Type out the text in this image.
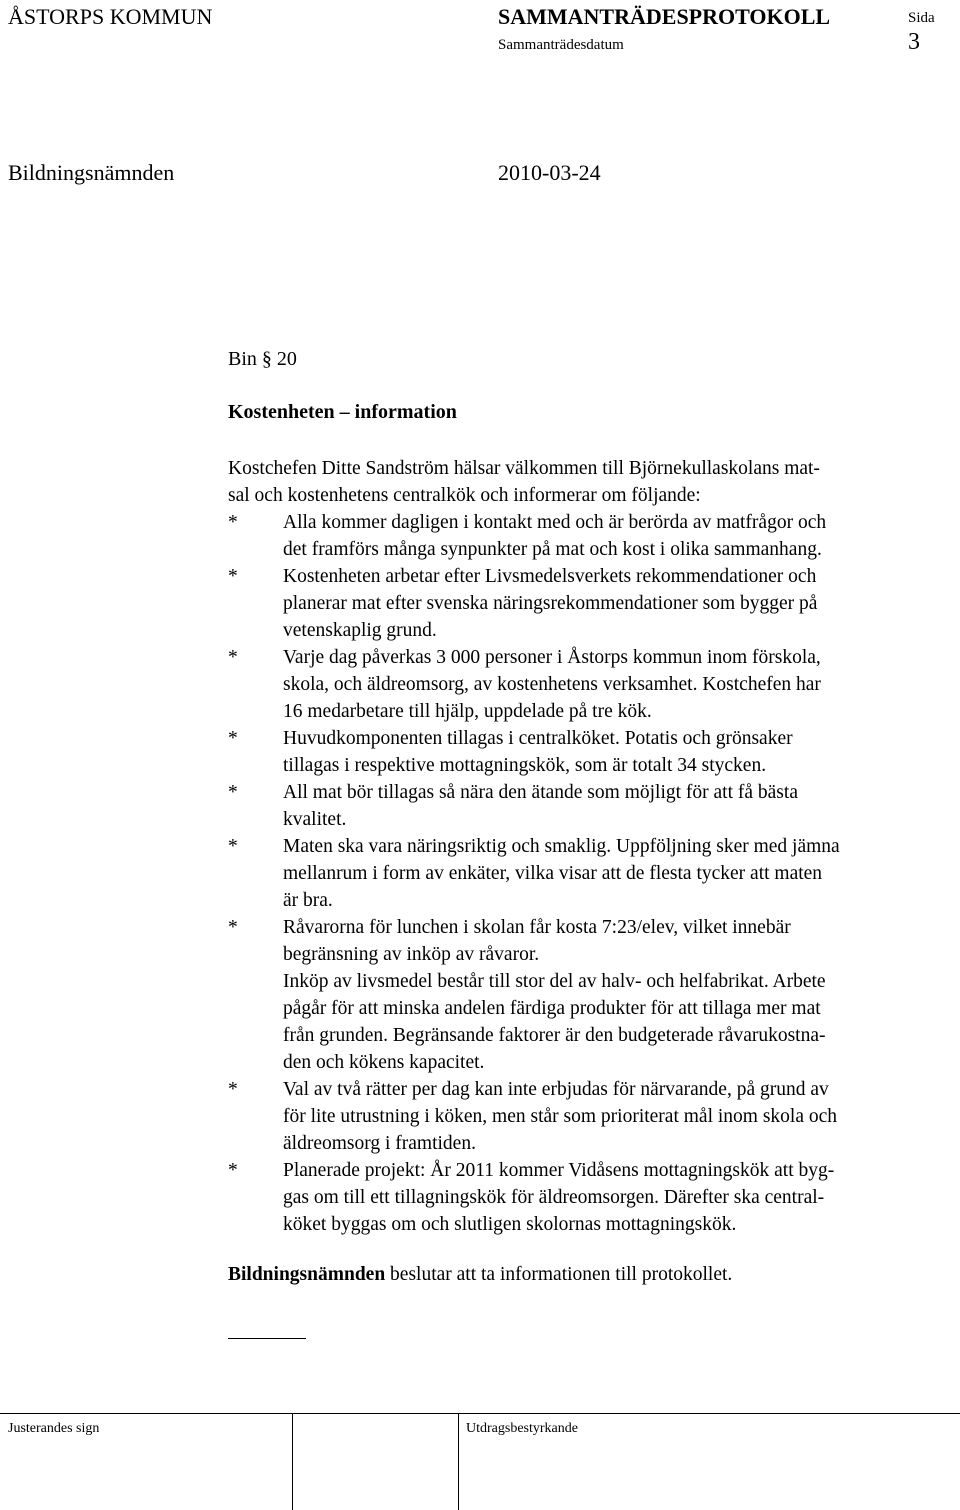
ÅSTORPS KOMMUN	SAMMANTRÄDESPROTOKOLL	Sida
Sammanträdesdatum	3
Bildningsnämnden	2010-03-24
Bin § 20
Kostenheten – information
Kostchefen Ditte Sandström hälsar välkommen till Björnekullaskolans mat-
sal och kostenhetens centralkök och informerar om följande:
* Alla kommer dagligen i kontakt med och är berörda av matfrågor och
det framförs många synpunkter på mat och kost i olika sammanhang.
* Kostenheten arbetar efter Livsmedelsverkets rekommendationer och
planerar mat efter svenska näringsrekommendationer som bygger på
vetenskaplig grund.
* Varje dag påverkas 3 000 personer i Åstorps kommun inom förskola,
skola, och äldreomsorg, av kostenhetens verksamhet. Kostchefen har
16 medarbetare till hjälp, uppdelade på tre kök.
* Huvudkomponenten tillagas i centralköket. Potatis och grönsaker
tillagas i respektive mottagningskök, som är totalt 34 stycken.
* All mat bör tillagas så nära den ätande som möjligt för att få bästa
kvalitet.
* Maten ska vara näringsriktig och smaklig. Uppföljning sker med jämna
mellanrum i form av enkäter, vilka visar att de flesta tycker att maten
är bra.
* Råvarorna för lunchen i skolan får kosta 7:23/elev, vilket innebär
begränsning av inköp av råvaror.
Inköp av livsmedel består till stor del av halv- och helfabrikat. Arbete
pågår för att minska andelen färdiga produkter för att tillaga mer mat
från grunden. Begränsande faktorer är den budgeterade råvarukostna-
den och kökens kapacitet.
* Val av två rätter per dag kan inte erbjudas för närvarande, på grund av
för lite utrustning i köken, men står som prioriterat mål inom skola och
äldreomsorg i framtiden.
* Planerade projekt: År 2011 kommer Vidåsens mottagningskök att byg-
gas om till ett tillagningskök för äldreomsorgen. Därefter ska central-
köket byggas om och slutligen skolornas mottagningskök.
Bildningsnämnden beslutar att ta informationen till protokollet.
Justerandes sign	Utdragsbestyrkande
